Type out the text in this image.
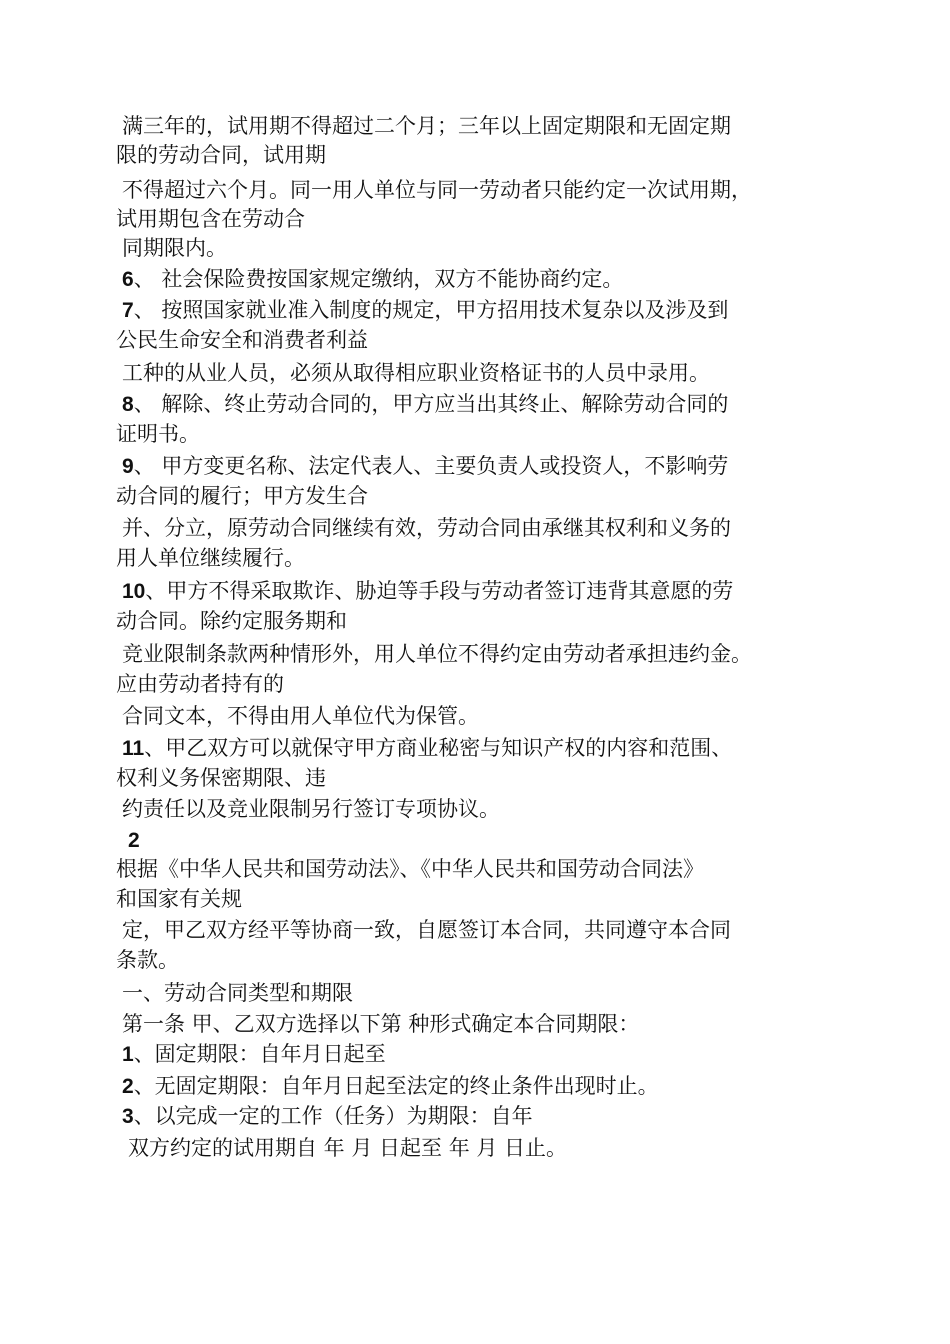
满三年的，试用期不得超过二个月；三年以上固定期限和无固定期
限的劳动合同，试用期
不得超过六个月。同一用人单位与同一劳动者只能约定一次试用期，
试用期包含在劳动合
同期限内。
6、 社会保险费按国家规定缴纳，双方不能协商约定。
7、 按照国家就业准入制度的规定，甲方招用技术复杂以及涉及到
公民生命安全和消费者利益
工种的从业人员，必须从取得相应职业资格证书的人员中录用。
8、 解除、终止劳动合同的，甲方应当出其终止、解除劳动合同的
证明书。
9、 甲方变更名称、法定代表人、主要负责人或投资人，不影响劳
动合同的履行；甲方发生合
并、分立，原劳动合同继续有效，劳动合同由承继其权利和义务的
用人单位继续履行。
10、甲方不得采取欺诈、胁迫等手段与劳动者签订违背其意愿的劳
动合同。除约定服务期和
竞业限制条款两种情形外，用人单位不得约定由劳动者承担违约金。
应由劳动者持有的
合同文本，不得由用人单位代为保管。
11、甲乙双方可以就保守甲方商业秘密与知识产权的内容和范围、
权利义务保密期限、违
约责任以及竞业限制另行签订专项协议。
2
根据《中华人民共和国劳动法》、《中华人民共和国劳动合同法》
和国家有关规
定，甲乙双方经平等协商一致，自愿签订本合同，共同遵守本合同
条款。
一、劳动合同类型和期限
第一条 甲、乙双方选择以下第 种形式确定本合同期限：
1、固定期限：自年月日起至
2、无固定期限：自年月日起至法定的终止条件出现时止。
3、以完成一定的工作（任务）为期限：自年
双方约定的试用期自 年 月 日起至 年 月 日止。
